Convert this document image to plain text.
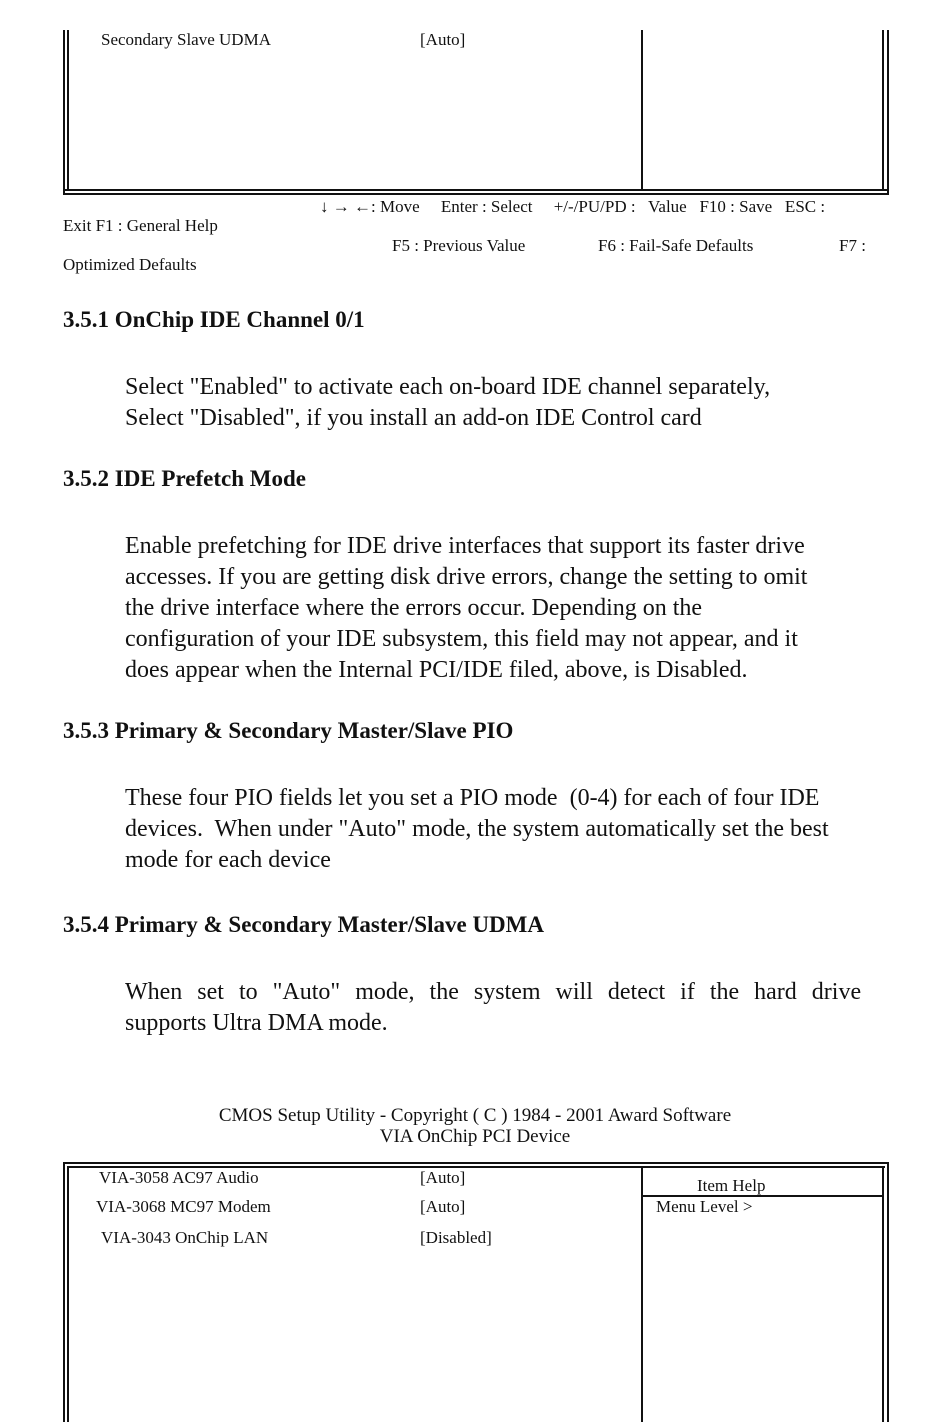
Secondary Slave UDMA	[Auto]
↓ → ←: Move     Enter : Select     +/-/PU/PD :   Value   F10 : Save   ESC :
Exit F1 : General Help
F5 : Previous Value	F6 : Fail-Safe Defaults	F7 :
Optimized Defaults
3.5.1 OnChip IDE Channel 0/1
Select "Enabled" to activate each on-board IDE channel separately,
Select "Disabled", if you install an add-on IDE Control card
3.5.2 IDE Prefetch Mode
Enable prefetching for IDE drive interfaces that support its faster drive
accesses. If you are getting disk drive errors, change the setting to omit
the drive interface where the errors occur. Depending on the
configuration of your IDE subsystem, this field may not appear, and it
does appear when the Internal PCI/IDE filed, above, is Disabled.
3.5.3 Primary & Secondary Master/Slave PIO
These four PIO fields let you set a PIO mode  (0-4) for each of four IDE
devices.  When under "Auto" mode, the system automatically set the best
mode for each device
3.5.4 Primary & Secondary Master/Slave UDMA
When set to "Auto" mode, the system will detect if the hard drive
supports Ultra DMA mode.
CMOS Setup Utility - Copyright ( C ) 1984 - 2001 Award Software
VIA OnChip PCI Device
VIA-3058 AC97 Audio	[Auto]
VIA-3068 MC97 Modem	[Auto]
VIA-3043 OnChip LAN	[Disabled]
Item Help
Menu Level >
